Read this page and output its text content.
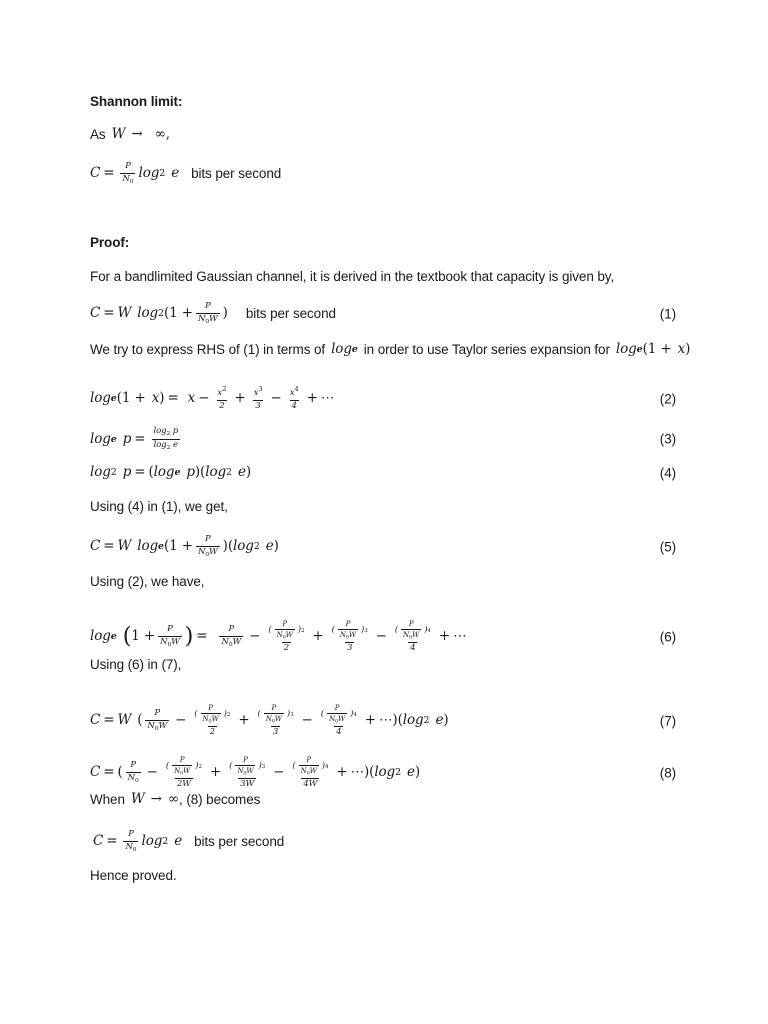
Shannon limit:
As W → ∞,
$C = \frac{P}{N_0}$ log 2 e bits per second
Proof:
For a bandlimited Gaussian channel, it is derived in the textbook that capacity is given by,
C = W log 2 ($1 + \frac{P}{N_0W}$ ) bits per second	(1)
We try to express RHS of (1) in terms of log e in order to use Taylor series expansion for log e (1 + x )
log e (1 + x ) = $x - \frac{x^2}{2} + \frac{x^3}{3} - \frac{x^4}{4}$ + ⋯	(2)
log e $p = \frac{\log_2 p}{\log_2 e}$	(3)
log 2 p = ( log e p )( log 2 e )	(4)
Using (4) in (1), we get,
C = W log e ($1 + \frac{P}{N_0W}$ )( log 2 e )	(5)
Using (2), we have,
log e ( $1 + \frac{P}{N_0W}$ ) =	$\frac{P}{N_0W} - \frac{( \frac{P}{N_0W} ) 2}{2} + \frac{( \frac{P}{N_0W} ) 3}{3} - \frac{( \frac{P}{N_0W} ) 4}{4}$ + ⋯	(6)
Using (6) in (7),
C = W ( $\frac{P}{N_0W} - \frac{( \frac{P}{N_0W} ) 2}{2} + \frac{( \frac{P}{N_0W} ) 3}{3} - \frac{( \frac{P}{N_0W} ) 4}{4}$ + ⋯)( log 2 e )	(7)
C = ( $\frac{P}{N_0} - \frac{( \frac{P}{N_0W} ) 2}{2W} + \frac{( \frac{P}{N_0W} ) 3}{3W} - \frac{( \frac{P}{N_0W} ) 4}{4W}$ + ⋯)( log 2 e )	(8)
When W → ∞ , (8) becomes
$C = \frac{P}{N_0}$ log 2 e bits per second
Hence proved.
